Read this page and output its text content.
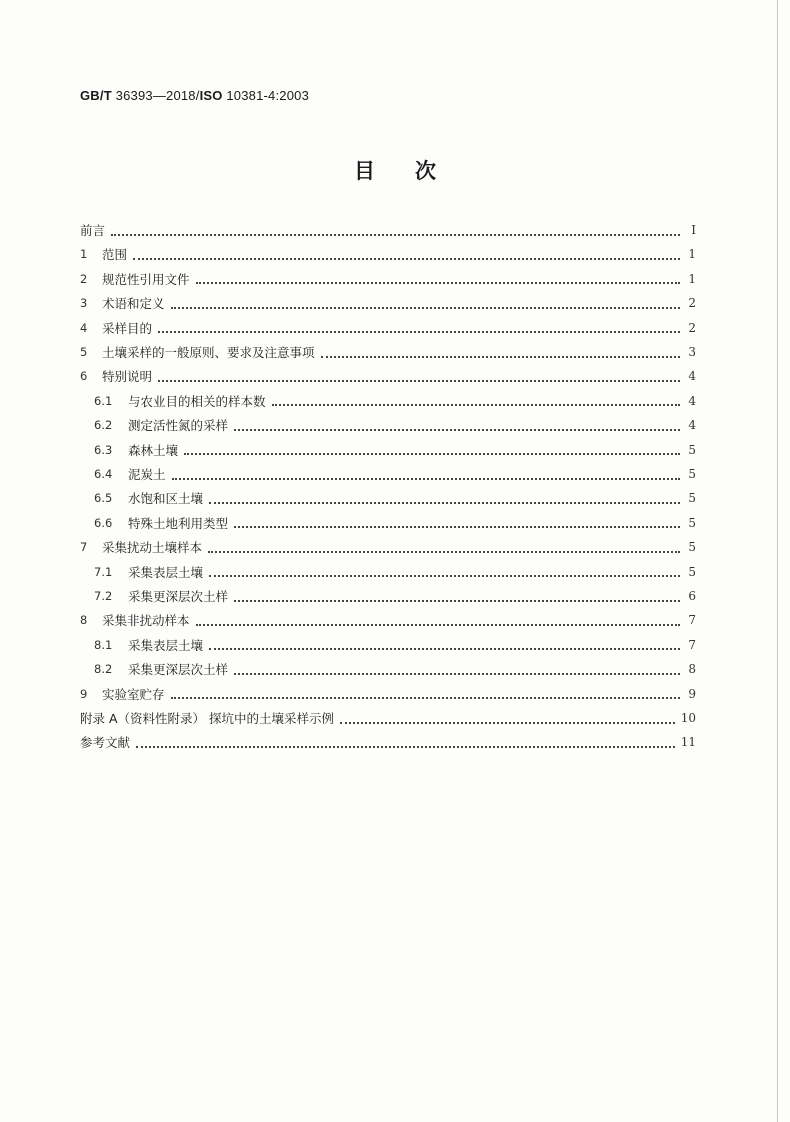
GB/T 36393—2018/ISO 10381-4:2003
目次
前言	Ⅰ
1	范围	1
2	规范性引用文件	1
3	术语和定义	2
4	采样目的	2
5	土壤采样的一般原则、要求及注意事项	3
6	特别说明	4
6.1	与农业目的相关的样本数	4
6.2	测定活性氮的采样	4
6.3	森林土壤	5
6.4	泥炭土	5
6.5	水饱和区土壤	5
6.6	特殊土地利用类型	5
7	采集扰动土壤样本	5
7.1	采集表层土壤	5
7.2	采集更深层次土样	6
8	采集非扰动样本	7
8.1	采集表层土壤	7
8.2	采集更深层次土样	8
9	实验室贮存	9
附录 A（资料性附录） 探坑中的土壤采样示例	10
参考文献	11
